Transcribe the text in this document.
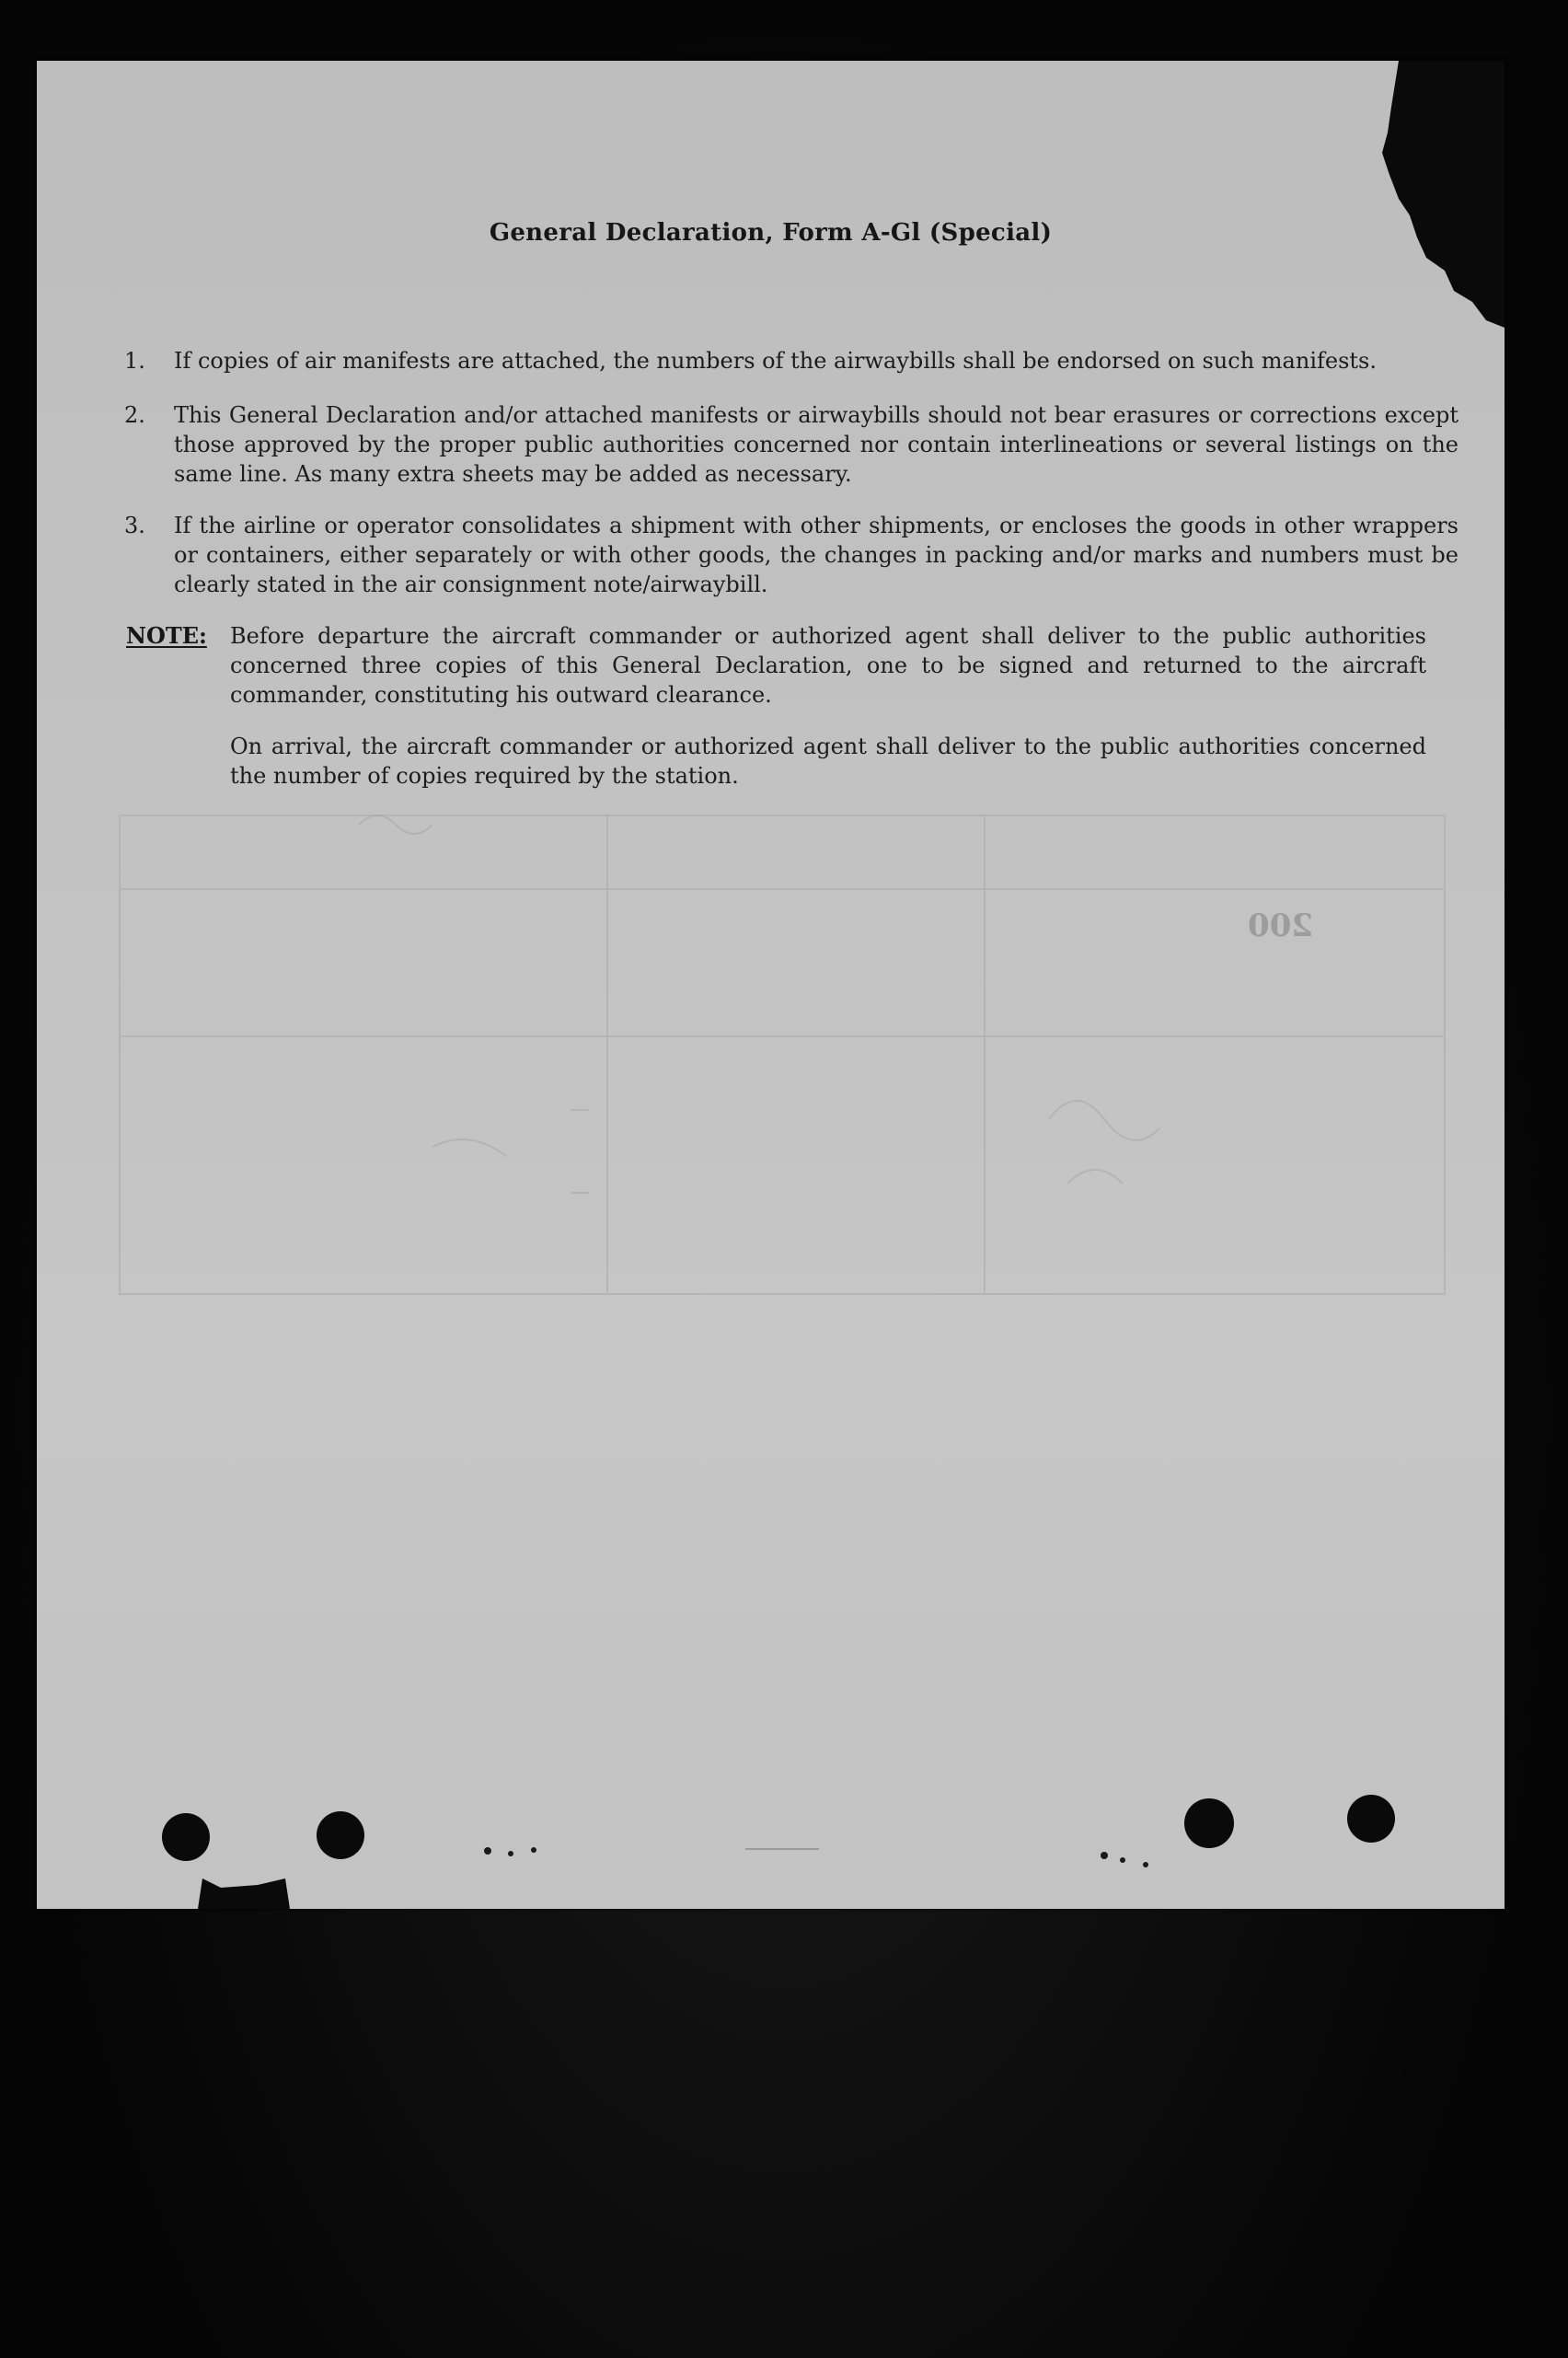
General Declaration, Form A-Gl (Special)
1.	If copies of air manifests are attached, the numbers of the airwaybills shall be endorsed on such manifests.
2.	This General Declaration and/or attached manifests or airwaybills should not bear erasures or corrections except those approved by the proper public authorities concerned nor contain interlineations or several listings on the same line. As many extra sheets may be added as necessary.
3.	If the airline or operator consolidates a shipment with other shipments, or encloses the goods in other wrappers or containers, either separately or with other goods, the changes in packing and/or marks and numbers must be clearly stated in the air consignment note/airwaybill.
NOTE: Before departure the aircraft commander or authorized agent shall deliver to the public authorities concerned three copies of this General Declaration, one to be signed and returned to the aircraft commander, constituting his outward clearance.
On arrival, the aircraft commander or authorized agent shall deliver to the public authorities concerned the number of copies required by the station.
200
